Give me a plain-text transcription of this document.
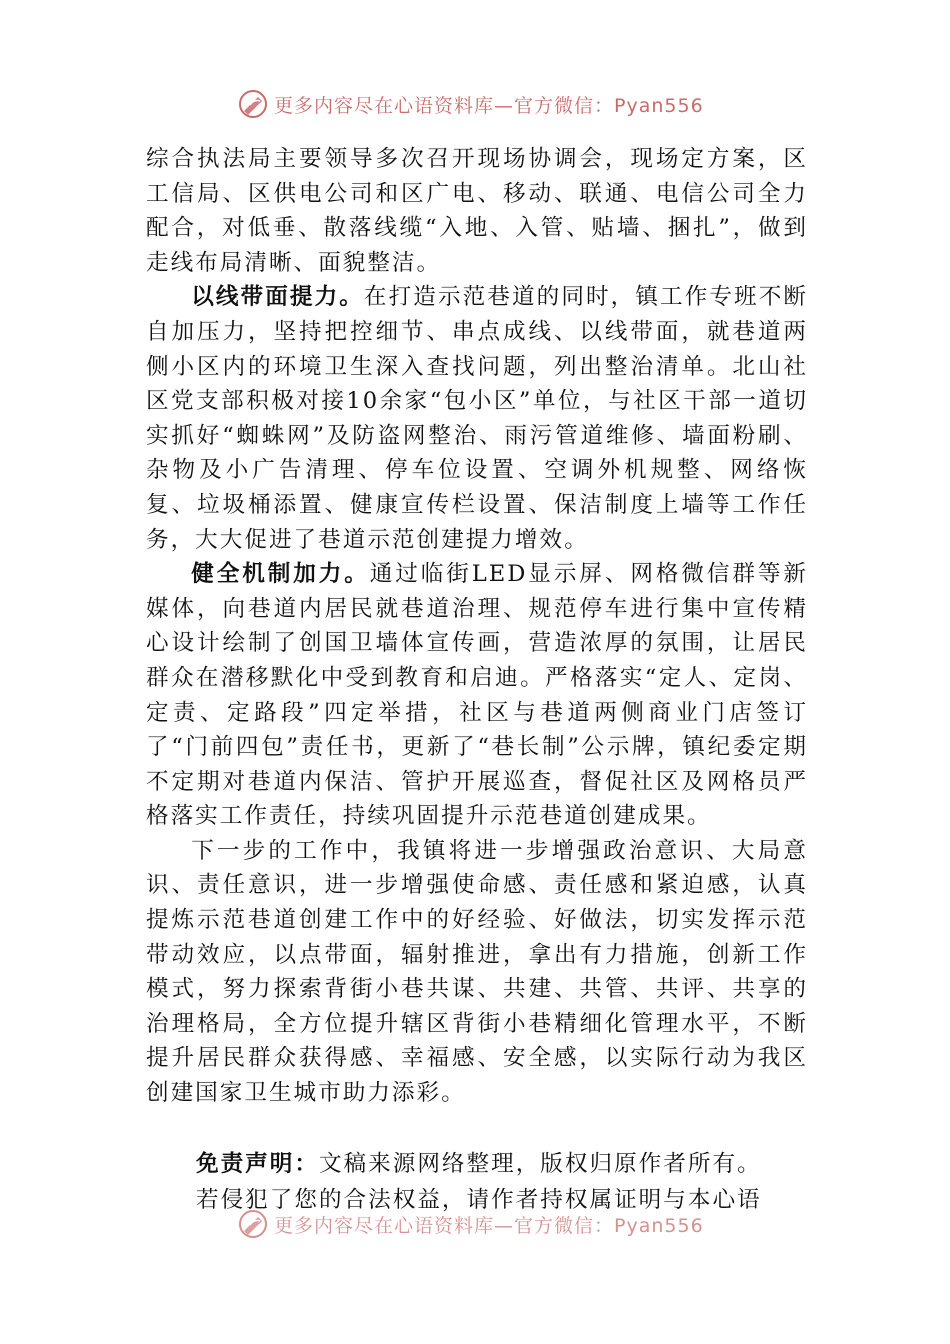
更多内容尽在心语资料库—官方微信：Pyan556

综合执法局主要领导多次召开现场协调会，现场定方案，区工信局、区供电公司和区广电、移动、联通、电信公司全力配合，对低垂、散落线缆“入地、入管、贴墙、捆扎”，做到走线布局清晰、面貌整洁。

以线带面提力。在打造示范巷道的同时，镇工作专班不断自加压力，坚持把控细节、串点成线、以线带面，就巷道两侧小区内的环境卫生深入查找问题，列出整治清单。北山社区党支部积极对接10余家“包小区”单位，与社区干部一道切实抓好“蜘蛛网”及防盗网整治、雨污管道维修、墙面粉刷、杂物及小广告清理、停车位设置、空调外机规整、网络恢复、垃圾桶添置、健康宣传栏设置、保洁制度上墙等工作任务，大大促进了巷道示范创建提力增效。

健全机制加力。通过临街LED显示屏、网格微信群等新媒体，向巷道内居民就巷道治理、规范停车进行集中宣传精心设计绘制了创国卫墙体宣传画，营造浓厚的氛围，让居民群众在潜移默化中受到教育和启迪。严格落实“定人、定岗、定责、定路段”四定举措，社区与巷道两侧商业门店签订了“门前四包”责任书，更新了“巷长制”公示牌，镇纪委定期不定期对巷道内保洁、管护开展巡查，督促社区及网格员严格落实工作责任，持续巩固提升示范巷道创建成果。

下一步的工作中，我镇将进一步增强政治意识、大局意识、责任意识，进一步增强使命感、责任感和紧迫感，认真提炼示范巷道创建工作中的好经验、好做法，切实发挥示范带动效应，以点带面，辐射推进，拿出有力措施，创新工作模式，努力探索背街小巷共谋、共建、共管、共评、共享的治理格局，全方位提升辖区背街小巷精细化管理水平，不断提升居民群众获得感、幸福感、安全感，以实际行动为我区创建国家卫生城市助力添彩。

免责声明：文稿来源网络整理，版权归原作者所有。

若侵犯了您的合法权益，请作者持权属证明与本心语

更多内容尽在心语资料库—官方微信：Pyan556
